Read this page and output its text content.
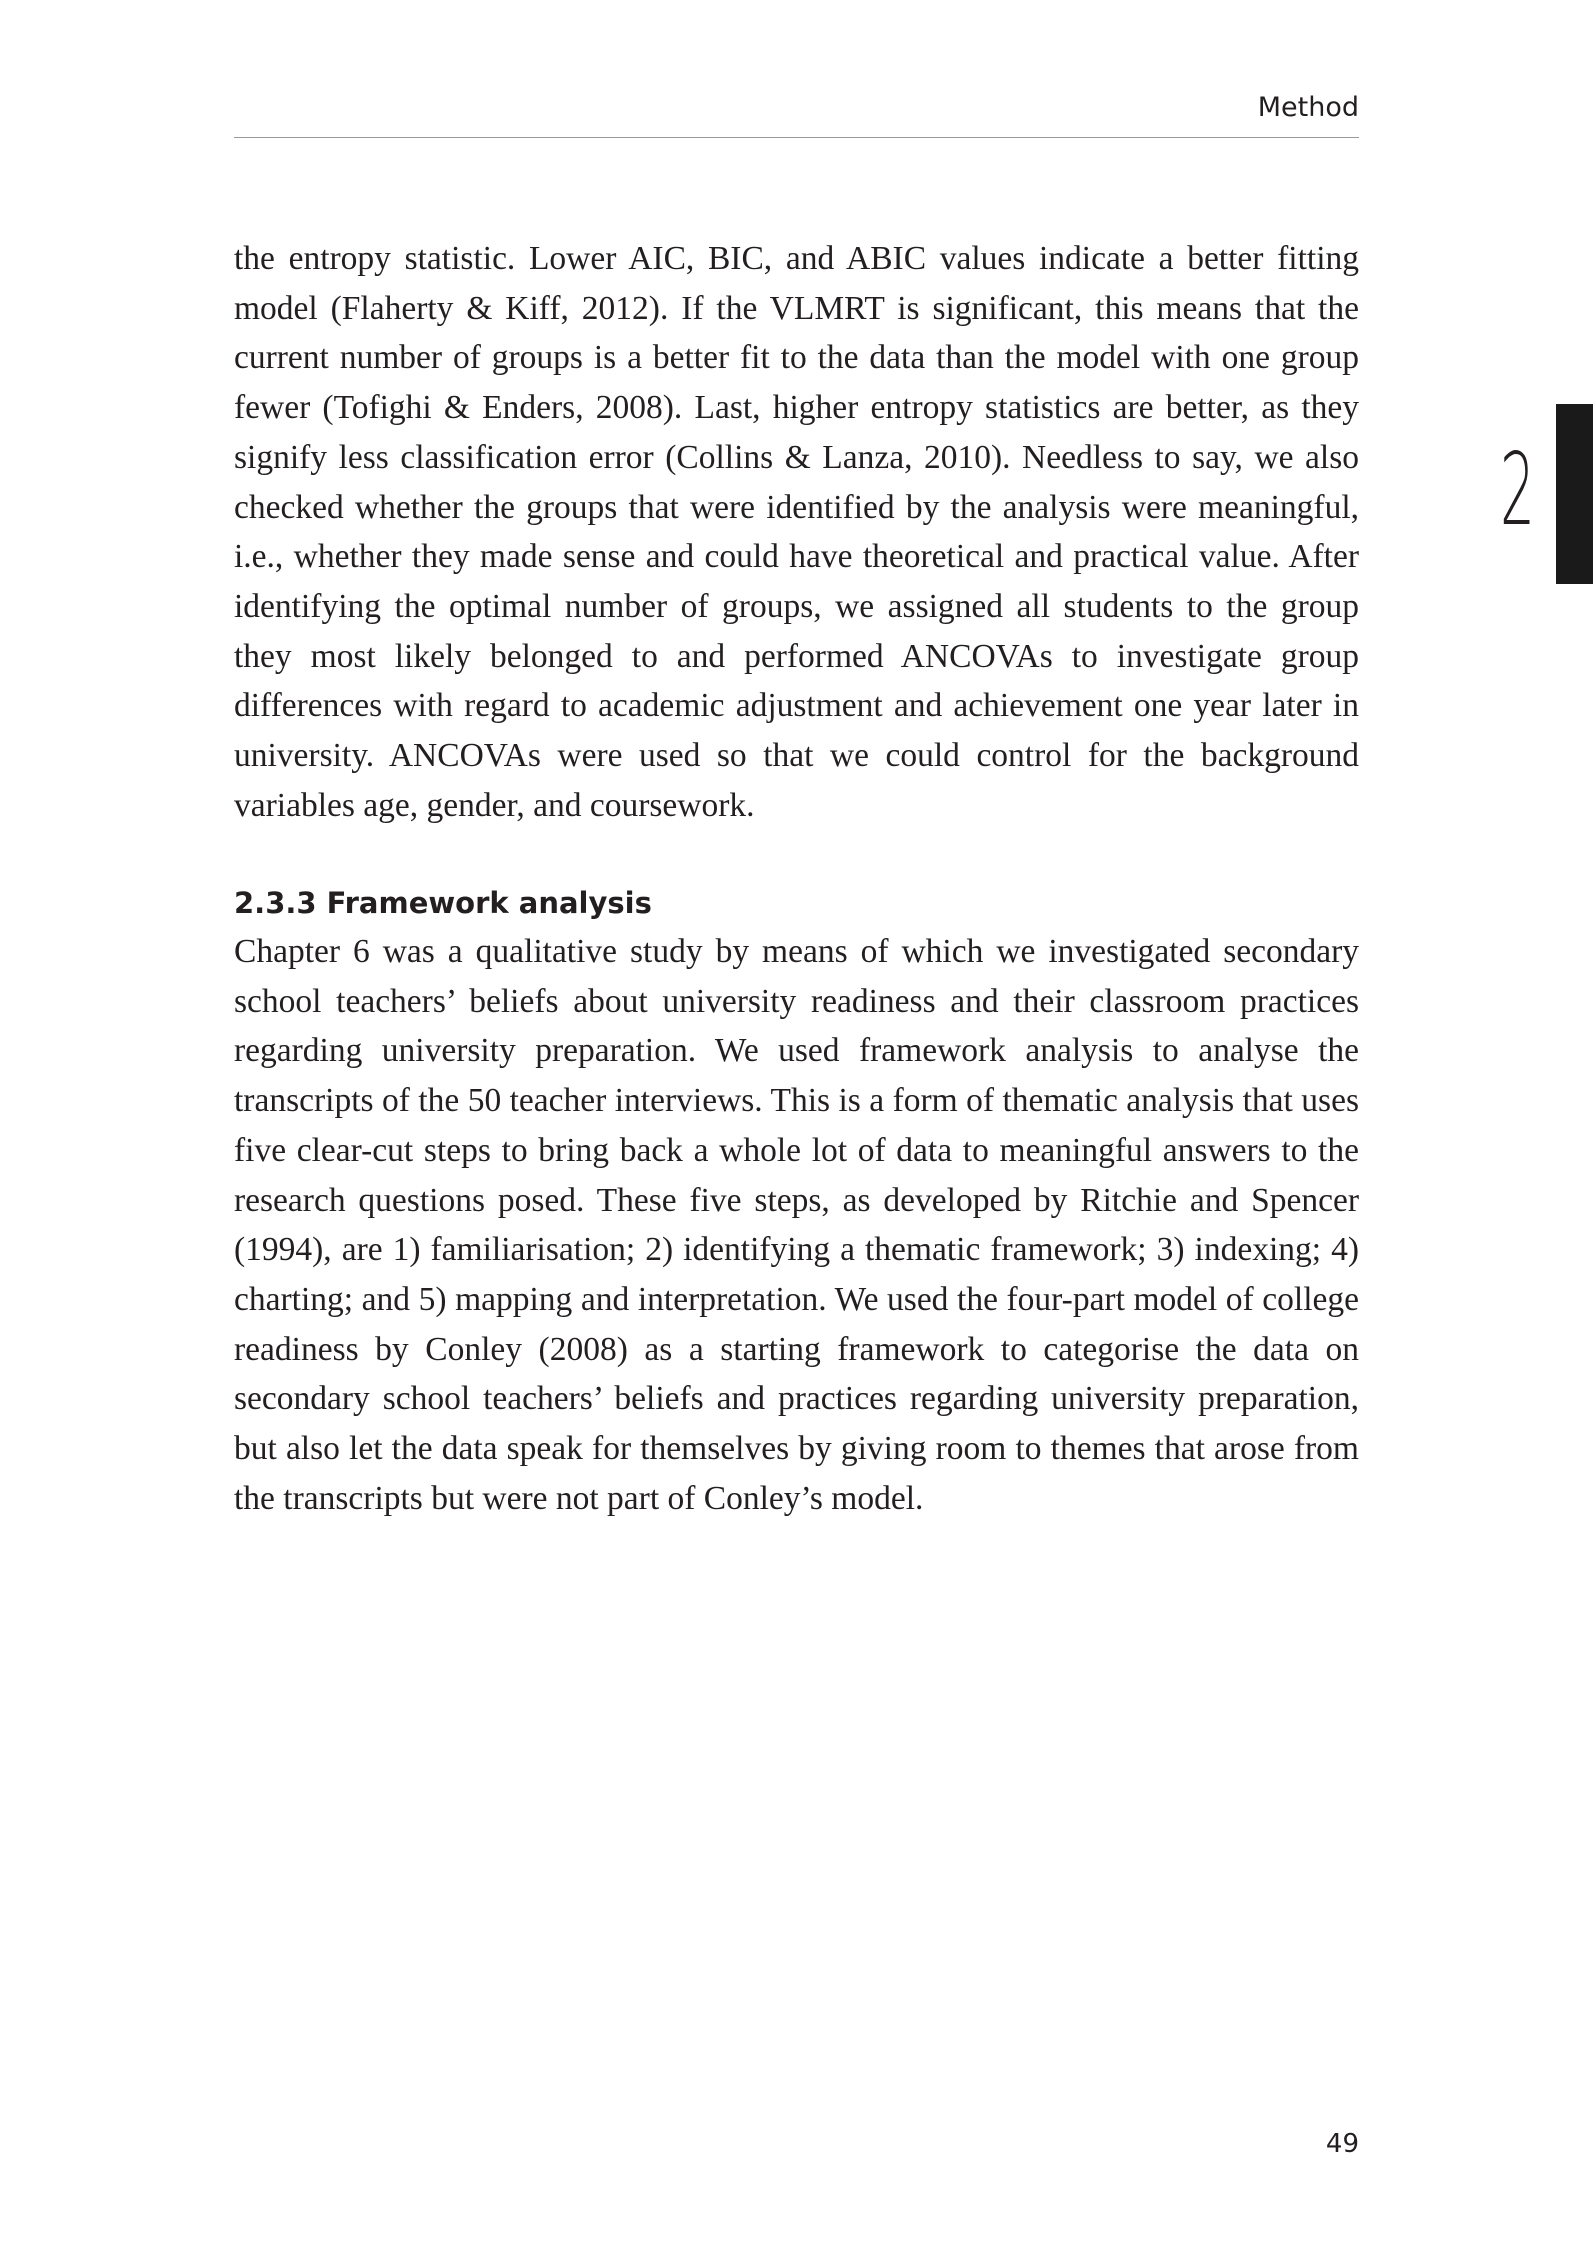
Method
2

the entropy statistic. Lower AIC, BIC, and ABIC values indicate a better fitting model (Flaherty & Kiff, 2012). If the VLMRT is significant, this means that the current number of groups is a better fit to the data than the model with one group fewer (Tofighi & Enders, 2008). Last, higher entropy statistics are better, as they signify less classification error (Collins & Lanza, 2010). Needless to say, we also checked whether the groups that were identified by the analysis were meaningful, i.e., whether they made sense and could have theoretical and practical value. After identifying the optimal number of groups, we assigned all students to the group they most likely belonged to and performed ANCOVAs to investigate group differences with regard to academic adjustment and achievement one year later in university. ANCOVAs were used so that we could control for the background variables age, gender, and coursework.

2.3.3 Framework analysis

Chapter 6 was a qualitative study by means of which we investigated secondary school teachers’ beliefs about university readiness and their classroom practices regarding university preparation. We used framework analysis to analyse the transcripts of the 50 teacher interviews. This is a form of thematic analysis that uses five clear-cut steps to bring back a whole lot of data to meaningful answers to the research questions posed. These five steps, as developed by Ritchie and Spencer (1994), are 1) familiarisation; 2) identifying a thematic framework; 3) indexing; 4) charting; and 5) mapping and interpretation. We used the four-part model of college readiness by Conley (2008) as a starting framework to categorise the data on secondary school teachers’ beliefs and practices regarding university preparation, but also let the data speak for themselves by giving room to themes that arose from the transcripts but were not part of Conley’s model.

49
